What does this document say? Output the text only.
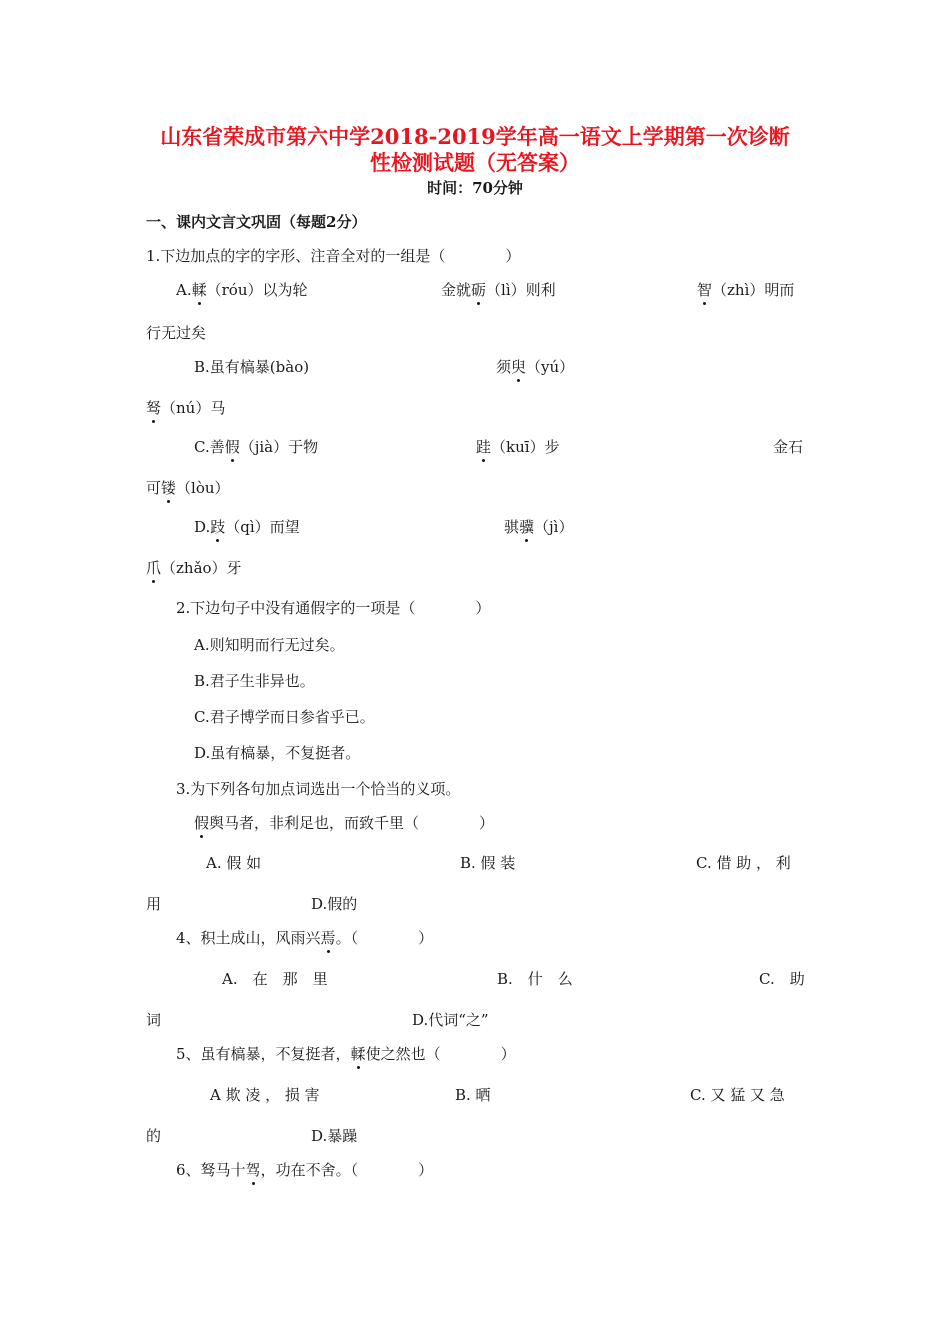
山东省荣成市第六中学2018-2019学年高一语文上学期第一次诊断
性检测试题（无答案）
时间：70分钟
一、课内文言文巩固（每题2分）
1.下边加点的字的字形、注音全对的一组是（　　　　）
A.輮（róu）以为轮	金就砺（lì）则利	智（zhì）明而
行无过矣
B.虽有槁暴(bào)	须臾（yú）
驽（nú）马
C.善假（jià）于物	跬（kuī）步	金石
可镂（lòu）
D.跂（qì）而望	骐骥（jì）
爪（zhǎo）牙
2.下边句子中没有通假字的一项是（　　　　）
A.则知明而行无过矣。
B.君子生非异也。
C.君子博学而日参省乎已。
D.虽有槁暴，不复挺者。
3.为下列各句加点词选出一个恰当的义项。
假舆马者，非利足也，而致千里（　　　　）
A. 假 如	B. 假 装	C. 借 助 ， 利
用	D.假的
4、积土成山，风雨兴焉。（　　　　）
A.　在　那　里	B.　什　么	C.　助
词	D.代词“之”
5、虽有槁暴，不复挺者，輮使之然也（　　　　）
A 欺 凌 ， 损 害	B. 晒	C. 又 猛 又 急
的	D.暴躁
6、驽马十驾，功在不舍。（　　　　）
